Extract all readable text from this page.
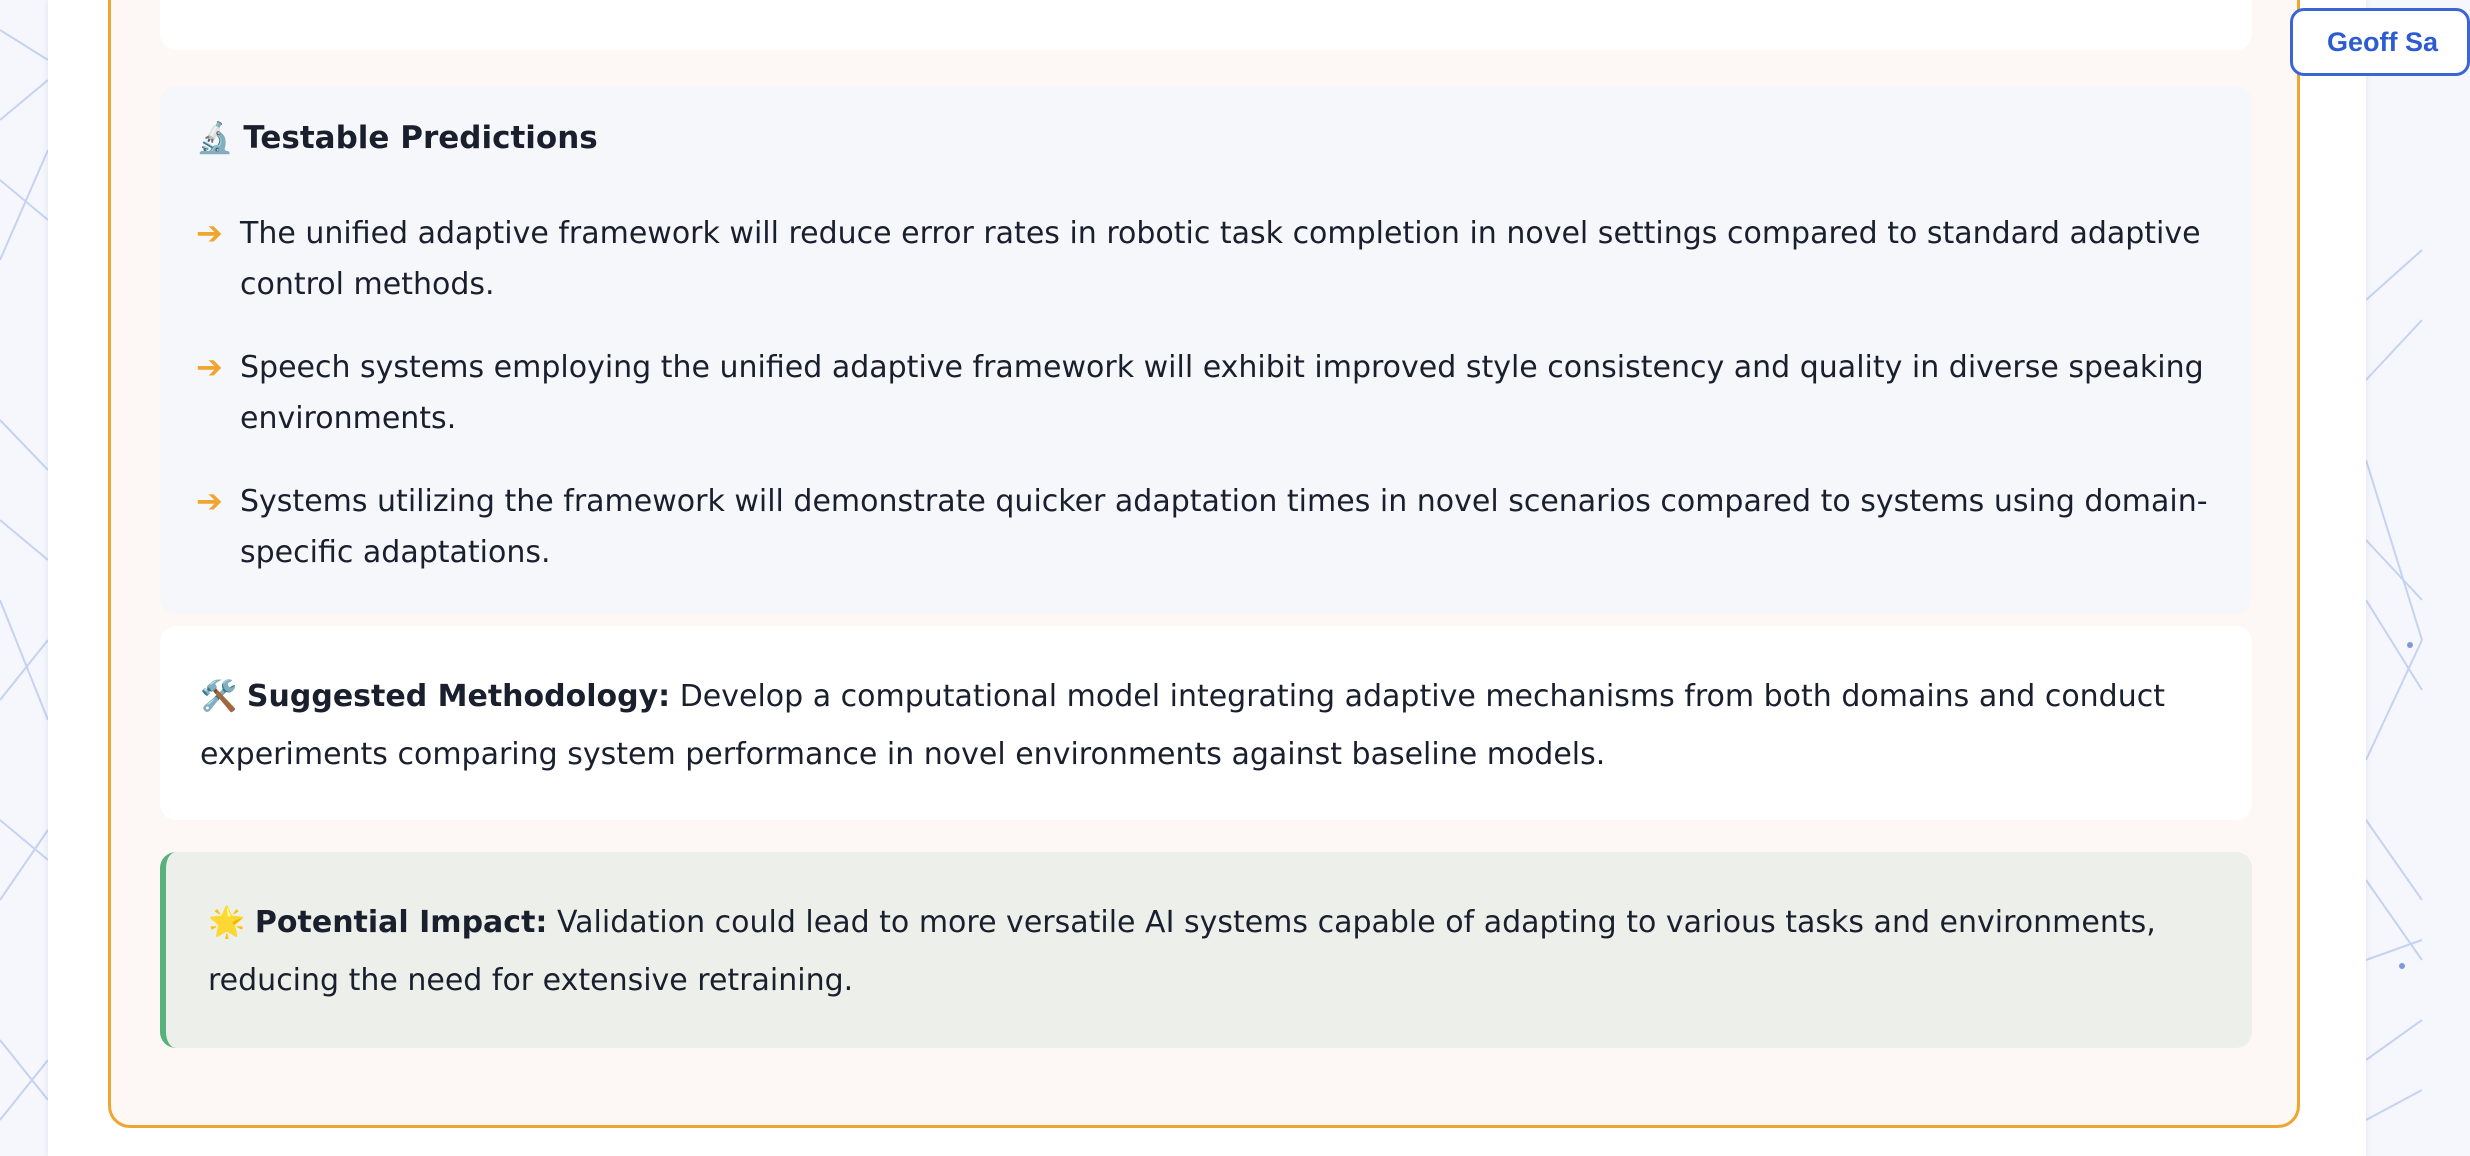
🔬 Testable Predictions
➔ The unified adaptive framework will reduce error rates in robotic task completion in novel settings compared to standard adaptive control methods.
➔ Speech systems employing the unified adaptive framework will exhibit improved style consistency and quality in diverse speaking environments.
➔ Systems utilizing the framework will demonstrate quicker adaptation times in novel scenarios compared to systems using domain-specific adaptations.
🛠️ Suggested Methodology: Develop a computational model integrating adaptive mechanisms from both domains and conduct experiments comparing system performance in novel environments against baseline models.
🌟 Potential Impact: Validation could lead to more versatile AI systems capable of adapting to various tasks and environments, reducing the need for extensive retraining.
Geoff Sa
